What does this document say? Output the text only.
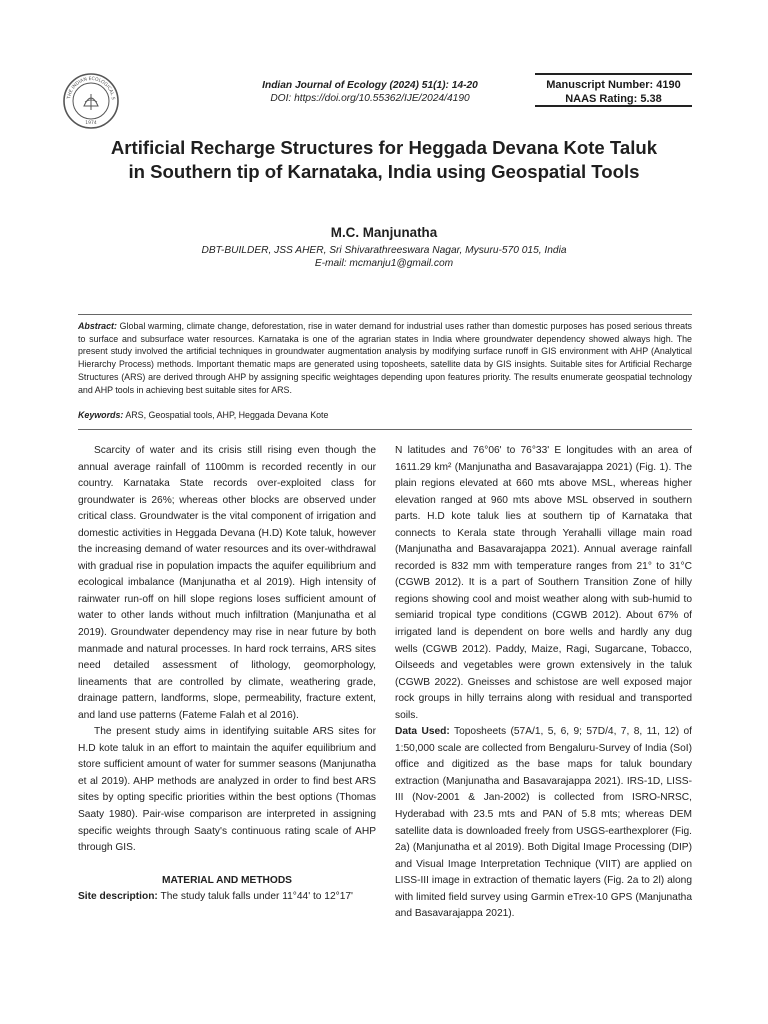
THE INDIAN ECOLOGICAL S
1974
Indian Journal of Ecology (2024) 51(1): 14-20
DOI: https://doi.org/10.55362/IJE/2024/4190
Manuscript Number: 4190
NAAS Rating: 5.38
Artificial Recharge Structures for Heggada Devana Kote Taluk
in Southern tip of Karnataka, India using Geospatial Tools
M.C. Manjunatha
DBT-BUILDER, JSS AHER, Sri Shivarathreeswara Nagar, Mysuru-570 015, India
E-mail: mcmanju1@gmail.com
Abstract: Global warming, climate change, deforestation, rise in water demand for industrial uses rather than domestic purposes has posed serious threats to surface and subsurface water resources. Karnataka is one of the agrarian states in India where groundwater dependency showed always high. The present study involved the artificial techniques in groundwater augmentation analysis by modifying surface runoff in GIS environment with AHP (Analytical Hierarchy Process) methods. Important thematic maps are generated using toposheets, satellite data by GIS insights. Suitable sites for Artificial Recharge Structures (ARS) are derived through AHP by assigning specific weightages depending upon features priority. The results enumerate geospatial technology and AHP tools in achieving best suitable sites for ARS.
Keywords: ARS, Geospatial tools, AHP, Heggada Devana Kote

Scarcity of water and its crisis still rising even though the annual average rainfall of 1100mm is recorded recently in our country. Karnataka State records over-exploited class for groundwater is 26%; whereas other blocks are observed under critical class. Groundwater is the vital component of irrigation and domestic activities in Heggada Devana (H.D) Kote taluk, however the increasing demand of water resources and its over-withdrawal with gradual rise in population impacts the aquifer equilibrium and ecological imbalance (Manjunatha et al 2019). High intensity of rainwater run-off on hill slope regions loses sufficient amount of water to other lands without much infiltration (Manjunatha et al 2019). Groundwater dependency may rise in near future by both manmade and natural processes. In hard rock terrains, ARS sites need detailed assessment of lithology, geomorphology, lineaments that are controlled by climate, weathering grade, drainage pattern, landforms, slope, permeability, fracture extent, and land use patterns (Fateme Falah et al 2016).

The present study aims in identifying suitable ARS sites for H.D kote taluk in an effort to maintain the aquifer equilibrium and store sufficient amount of water for summer seasons (Manjunatha et al 2019). AHP methods are analyzed in order to find best ARS sites by opting specific priorities within the best options (Thomas Saaty 1980). Pair-wise comparison are interpreted in assigning specific weights through Saaty's continuous rating scale of AHP through GIS.

MATERIAL AND METHODS

Site description: The study taluk falls under 11°44' to 12°17'

N latitudes and 76°06' to 76°33' E longitudes with an area of 1611.29 km² (Manjunatha and Basavarajappa 2021) (Fig. 1). The plain regions elevated at 660 mts above MSL, whereas higher elevation ranged at 960 mts above MSL observed in southern parts. H.D kote taluk lies at southern tip of Karnataka that connects to Kerala state through Yerahalli village main road (Manjunatha and Basavarajappa 2021). Annual average rainfall recorded is 832 mm with temperature ranges from 21° to 31°C (CGWB 2012). It is a part of Southern Transition Zone of hilly regions showing cool and moist weather along with sub-humid to semiarid tropical type conditions (CGWB 2012). About 67% of irrigated land is dependent on bore wells and hardly any dug wells (CGWB 2012). Paddy, Maize, Ragi, Sugarcane, Tobacco, Oilseeds and vegetables were grown extensively in the taluk (CGWB 2022). Gneisses and schistose are well exposed major rock groups in hilly terrains along with residual and transported soils.

Data Used: Toposheets (57A/1, 5, 6, 9; 57D/4, 7, 8, 11, 12) of 1:50,000 scale are collected from Bengaluru-Survey of India (SoI) office and digitized as the base maps for taluk boundary extraction (Manjunatha and Basavarajappa 2021). IRS-1D, LISS-III (Nov-2001 & Jan-2002) is collected from ISRO-NRSC, Hyderabad with 23.5 mts and PAN of 5.8 mts; whereas DEM satellite data is downloaded freely from USGS-earthexplorer (Fig. 2a) (Manjunatha et al 2019). Both Digital Image Processing (DIP) and Visual Image Interpretation Technique (VIIT) are applied on LISS-III image in extraction of thematic layers (Fig. 2a to 2l) along with limited field survey using Garmin eTrex-10 GPS (Manjunatha and Basavarajappa 2021).
